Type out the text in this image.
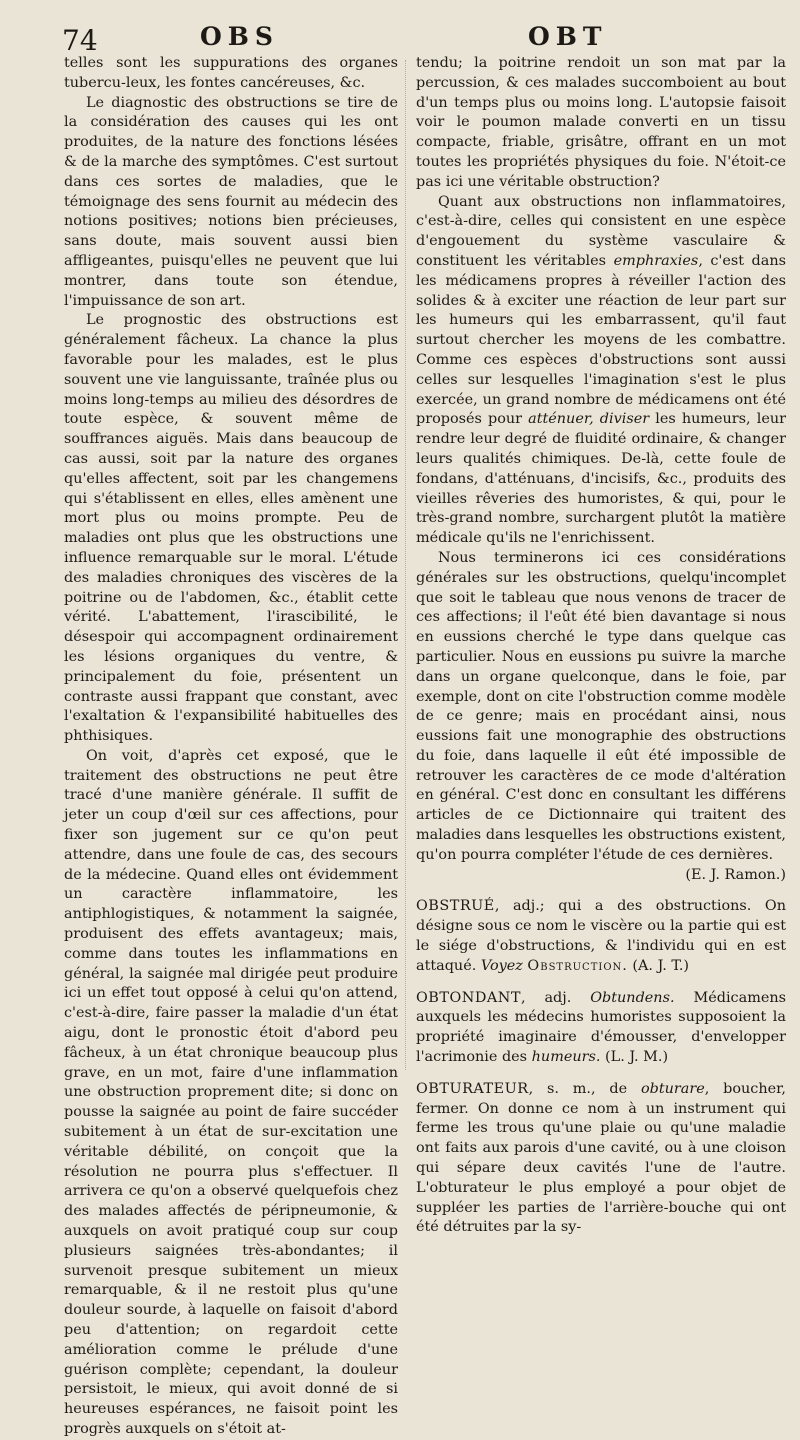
74	OBS	OBT

telles sont les suppurations des organes tubercu-leux, les fontes cancéreuses, &c.

Le diagnostic des obstructions se tire de la considération des causes qui les ont produites, de la nature des fonctions lésées & de la marche des symptômes. C'est surtout dans ces sortes de maladies, que le témoignage des sens fournit au médecin des notions positives; notions bien précieuses, sans doute, mais souvent aussi bien affligeantes, puisqu'elles ne peuvent que lui montrer, dans toute son étendue, l'impuissance de son art.

Le prognostic des obstructions est généralement fâcheux. La chance la plus favorable pour les malades, est le plus souvent une vie languissante, traînée plus ou moins long-temps au milieu des désordres de toute espèce, & souvent même de souffrances aiguës. Mais dans beaucoup de cas aussi, soit par la nature des organes qu'elles affectent, soit par les changemens qui s'établissent en elles, elles amènent une mort plus ou moins prompte. Peu de maladies ont plus que les obstructions une influence remarquable sur le moral. L'étude des maladies chroniques des viscères de la poitrine ou de l'abdomen, &c., établit cette vérité. L'abattement, l'irascibilité, le désespoir qui accompagnent ordinairement les lésions organiques du ventre, & principalement du foie, présentent un contraste aussi frappant que constant, avec l'exaltation & l'expansibilité habituelles des phthisiques.

On voit, d'après cet exposé, que le traitement des obstructions ne peut être tracé d'une manière générale. Il suffit de jeter un coup d'œil sur ces affections, pour fixer son jugement sur ce qu'on peut attendre, dans une foule de cas, des secours de la médecine. Quand elles ont évidemment un caractère inflammatoire, les antiphlogistiques, & notamment la saignée, produisent des effets avantageux; mais, comme dans toutes les inflammations en général, la saignée mal dirigée peut produire ici un effet tout opposé à celui qu'on attend, c'est-à-dire, faire passer la maladie d'un état aigu, dont le pronostic étoit d'abord peu fâcheux, à un état chronique beaucoup plus grave, en un mot, faire d'une inflammation une obstruction proprement dite; si donc on pousse la saignée au point de faire succéder subitement à un état de sur-excitation une véritable débilité, on conçoit que la résolution ne pourra plus s'effectuer. Il arrivera ce qu'on a observé quelquefois chez des malades affectés de péripneumonie, & auxquels on avoit pratiqué coup sur coup plusieurs saignées très-abondantes; il survenoit presque subitement un mieux remarquable, & il ne restoit plus qu'une douleur sourde, à laquelle on faisoit d'abord peu d'attention; on regardoit cette amélioration comme le prélude d'une guérison complète; cependant, la douleur persistoit, le mieux, qui avoit donné de si heureuses espérances, ne faisoit point les progrès auxquels on s'étoit at-

tendu; la poitrine rendoit un son mat par la percussion, & ces malades succomboient au bout d'un temps plus ou moins long. L'autopsie faisoit voir le poumon malade converti en un tissu compacte, friable, grisâtre, offrant en un mot toutes les propriétés physiques du foie. N'étoit-ce pas ici une véritable obstruction?

Quant aux obstructions non inflammatoires, c'est-à-dire, celles qui consistent en une espèce d'engouement du système vasculaire & constituent les véritables emphraxies, c'est dans les médicamens propres à réveiller l'action des solides & à exciter une réaction de leur part sur les humeurs qui les embarrassent, qu'il faut surtout chercher les moyens de les combattre. Comme ces espèces d'obstructions sont aussi celles sur lesquelles l'imagination s'est le plus exercée, un grand nombre de médicamens ont été proposés pour atténuer, diviser les humeurs, leur rendre leur degré de fluidité ordinaire, & changer leurs qualités chimiques. De-là, cette foule de fondans, d'atténuans, d'incisifs, &c., produits des vieilles rêveries des humoristes, & qui, pour le très-grand nombre, surchargent plutôt la matière médicale qu'ils ne l'enrichissent.

Nous terminerons ici ces considérations générales sur les obstructions, quelqu'incomplet que soit le tableau que nous venons de tracer de ces affections; il l'eût été bien davantage si nous en eussions cherché le type dans quelque cas particulier. Nous en eussions pu suivre la marche dans un organe quelconque, dans le foie, par exemple, dont on cite l'obstruction comme modèle de ce genre; mais en procédant ainsi, nous eussions fait une monographie des obstructions du foie, dans laquelle il eût été impossible de retrouver les caractères de ce mode d'altération en général. C'est donc en consultant les différens articles de ce Dictionnaire qui traitent des maladies dans lesquelles les obstructions existent, qu'on pourra compléter l'étude de ces dernières.

(E. J. Ramon.)

OBSTRUÉ, adj.; qui a des obstructions. On désigne sous ce nom le viscère ou la partie qui est le siége d'obstructions, & l'individu qui en est attaqué. Voyez Obstruction. (A. J. T.)

OBTONDANT, adj. Obtundens. Médicamens auxquels les médecins humoristes supposoient la propriété imaginaire d'émousser, d'envelopper l'acrimonie des humeurs. (L. J. M.)

OBTURATEUR, s. m., de obturare, boucher, fermer. On donne ce nom à un instrument qui ferme les trous qu'une plaie ou qu'une maladie ont faits aux parois d'une cavité, ou à une cloison qui sépare deux cavités l'une de l'autre. L'obturateur le plus employé a pour objet de suppléer les parties de l'arrière-bouche qui ont été détruites par la sy-
